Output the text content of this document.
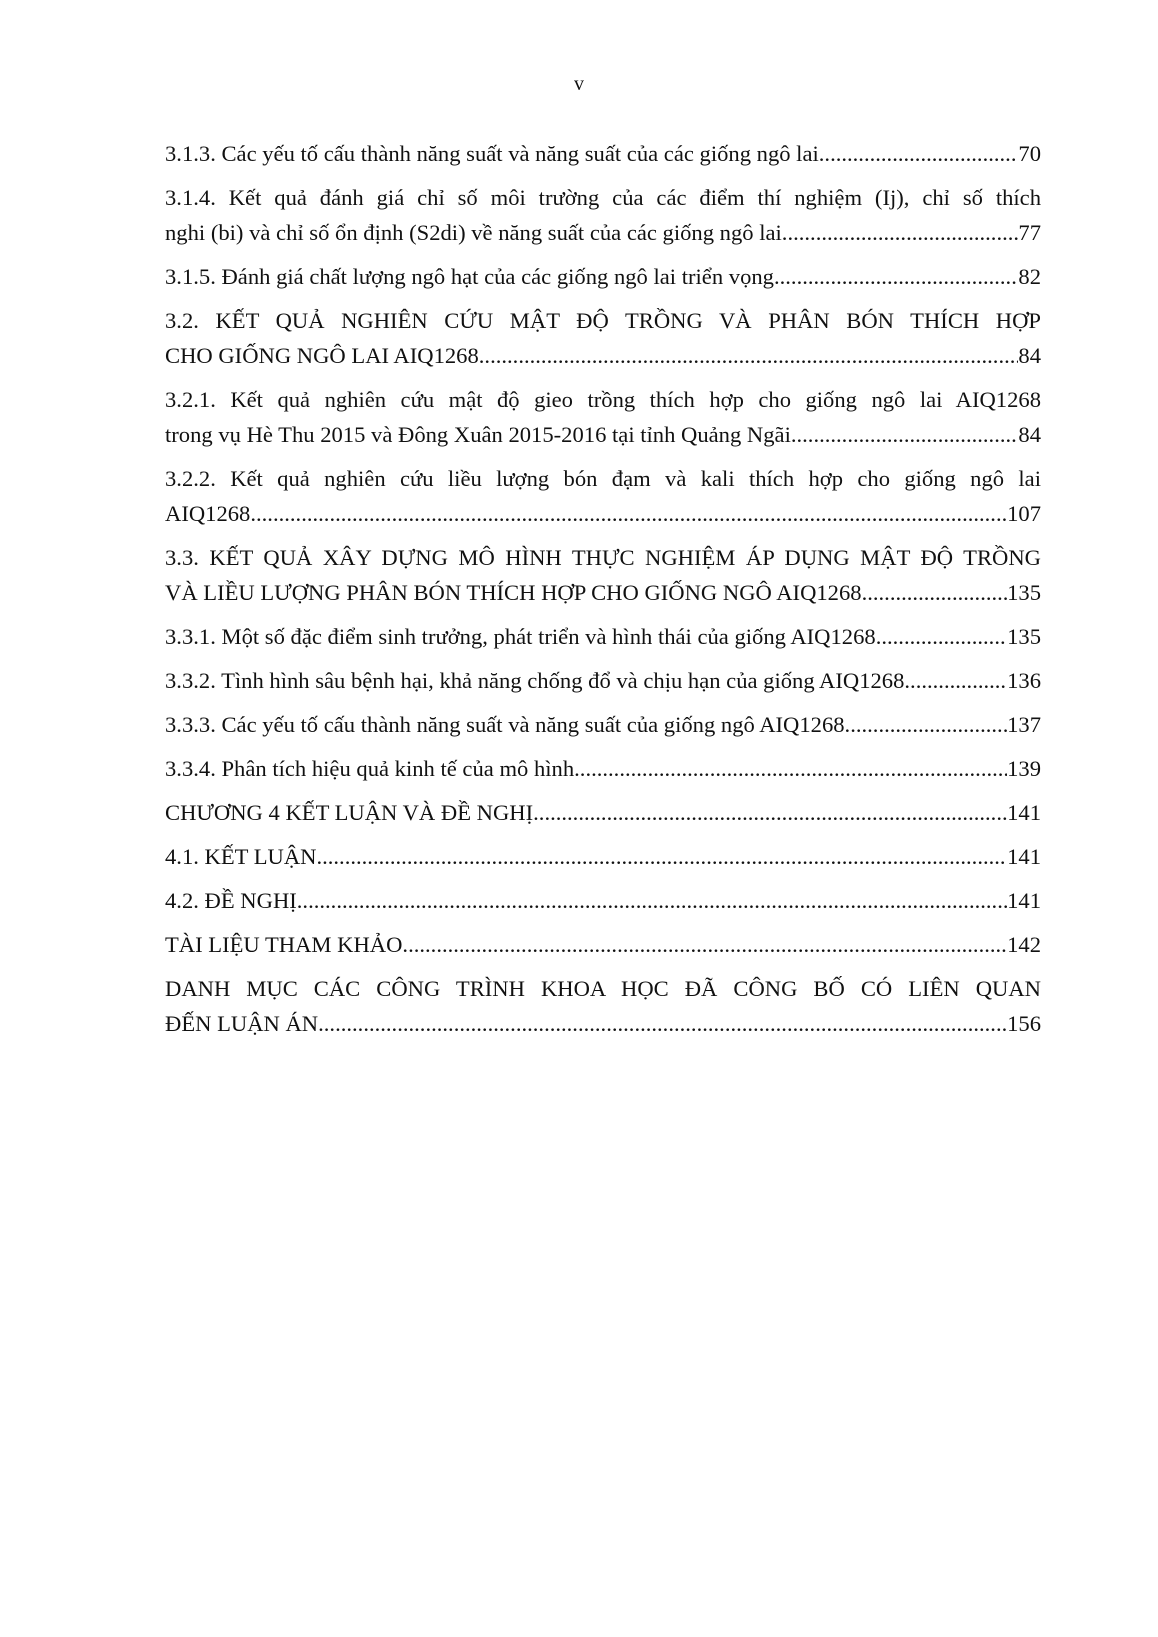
v
3.1.3. Các yếu tố cấu thành năng suất và năng suất của các giống ngô lai .....	70
3.1.4. Kết quả đánh giá chỉ số môi trường của các điểm thí nghiệm (Ij), chỉ số thích
nghi (bi) và chỉ số ổn định (S2di) về năng suất của các giống ngô lai .....	77
3.1.5. Đánh giá chất lượng ngô hạt của các giống ngô lai triển vọng .....	82
3.2. KẾT QUẢ NGHIÊN CỨU MẬT ĐỘ TRỒNG VÀ PHÂN BÓN THÍCH HỢP
CHO GIỐNG NGÔ LAI AIQ1268 .....	84
3.2.1. Kết quả nghiên cứu mật độ gieo trồng thích hợp cho giống ngô lai AIQ1268
trong vụ Hè Thu 2015 và Đông Xuân 2015-2016 tại tỉnh Quảng Ngãi .....	84
3.2.2. Kết quả nghiên cứu liều lượng bón đạm và kali thích hợp cho giống ngô lai
AIQ1268 .....	107
3.3. KẾT QUẢ XÂY DỰNG MÔ HÌNH THỰC NGHIỆM ÁP DỤNG MẬT ĐỘ TRỒNG
VÀ LIỀU LƯỢNG PHÂN BÓN THÍCH HỢP CHO GIỐNG NGÔ AIQ1268 .....	135
3.3.1. Một số đặc điểm sinh trưởng, phát triển và hình thái của giống AIQ1268 .....	135
3.3.2. Tình hình sâu bệnh hại, khả năng chống đổ và chịu hạn của giống AIQ1268 .....	136
3.3.3. Các yếu tố cấu thành năng suất và năng suất của giống ngô AIQ1268 .....	137
3.3.4. Phân tích hiệu quả kinh tế của mô hình .....	139
CHƯƠNG 4 KẾT LUẬN VÀ ĐỀ NGHỊ .....	141
4.1. KẾT LUẬN .....	141
4.2. ĐỀ NGHỊ .....	141
TÀI LIỆU THAM KHẢO .....	142
DANH MỤC CÁC CÔNG TRÌNH KHOA HỌC ĐÃ CÔNG BỐ CÓ LIÊN QUAN
ĐẾN LUẬN ÁN .....	156
